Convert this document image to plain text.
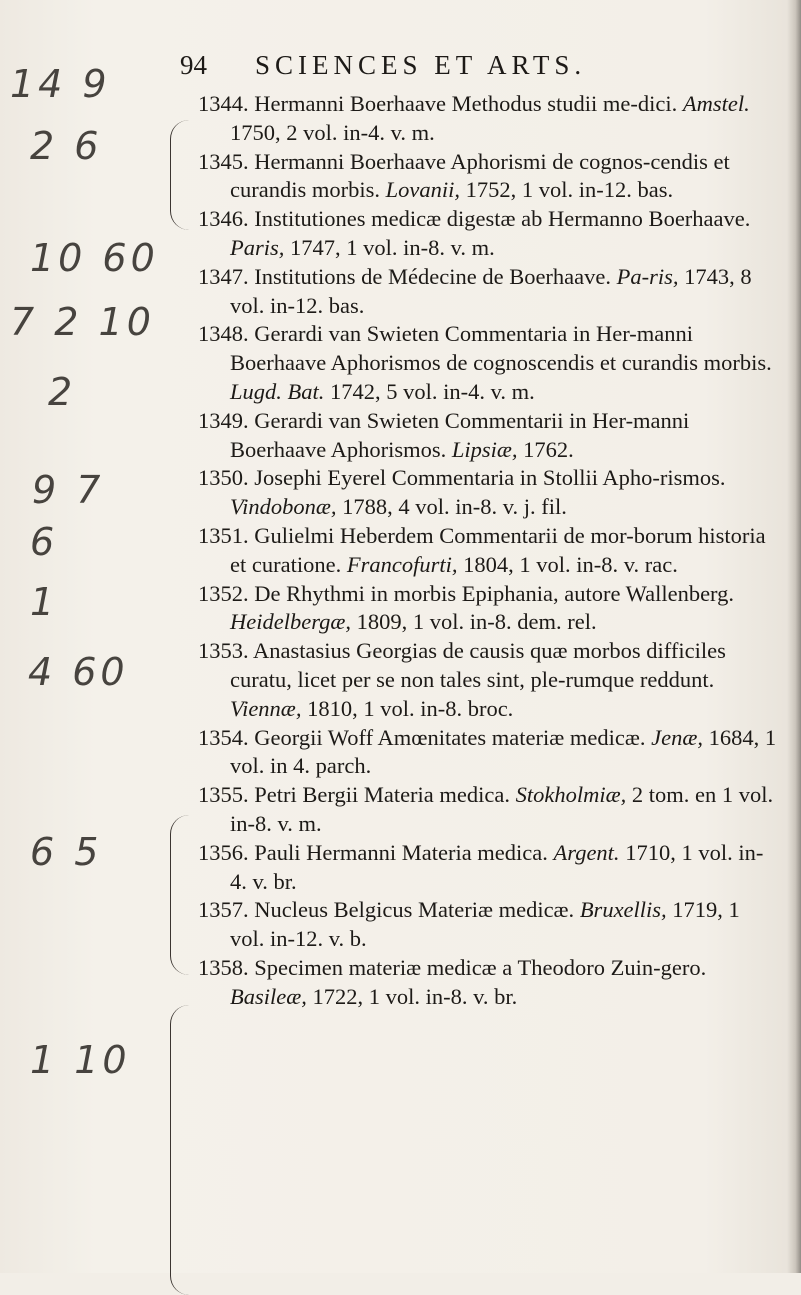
94 SCIENCES ET ARTS.
14 9
2 6
10 60
7 2 10
2
9 7
6
1
4 60
6 5
1 10

1344. Hermanni Boerhaave Methodus studii me-dici. Amstel. 1750, 2 vol. in-4. v. m.

1345. Hermanni Boerhaave Aphorismi de cognos-cendis et curandis morbis. Lovanii, 1752, 1 vol. in-12. bas.

1346. Institutiones medicæ digestæ ab Hermanno Boerhaave. Paris, 1747, 1 vol. in-8. v. m.

1347. Institutions de Médecine de Boerhaave. Pa-ris, 1743, 8 vol. in-12. bas.

1348. Gerardi van Swieten Commentaria in Her-manni Boerhaave Aphorismos de cognoscendis et curandis morbis. Lugd. Bat. 1742, 5 vol. in-4. v. m.

1349. Gerardi van Swieten Commentarii in Her-manni Boerhaave Aphorismos. Lipsiæ, 1762.

1350. Josephi Eyerel Commentaria in Stollii Apho-rismos. Vindobonæ, 1788, 4 vol. in-8. v. j. fil.

1351. Gulielmi Heberdem Commentarii de mor-borum historia et curatione. Francofurti, 1804, 1 vol. in-8. v. rac.

1352. De Rhythmi in morbis Epiphania, autore Wallenberg. Heidelbergæ, 1809, 1 vol. in-8. dem. rel.

1353. Anastasius Georgias de causis quæ morbos difficiles curatu, licet per se non tales sint, ple-rumque reddunt. Viennæ, 1810, 1 vol. in-8. broc.

1354. Georgii Woff Amœnitates materiæ medicæ. Jenæ, 1684, 1 vol. in 4. parch.

1355. Petri Bergii Materia medica. Stokholmiæ, 2 tom. en 1 vol. in-8. v. m.

1356. Pauli Hermanni Materia medica. Argent. 1710, 1 vol. in-4. v. br.

1357. Nucleus Belgicus Materiæ medicæ. Bruxellis, 1719, 1 vol. in-12. v. b.

1358. Specimen materiæ medicæ a Theodoro Zuin-gero. Basileæ, 1722, 1 vol. in-8. v. br.
